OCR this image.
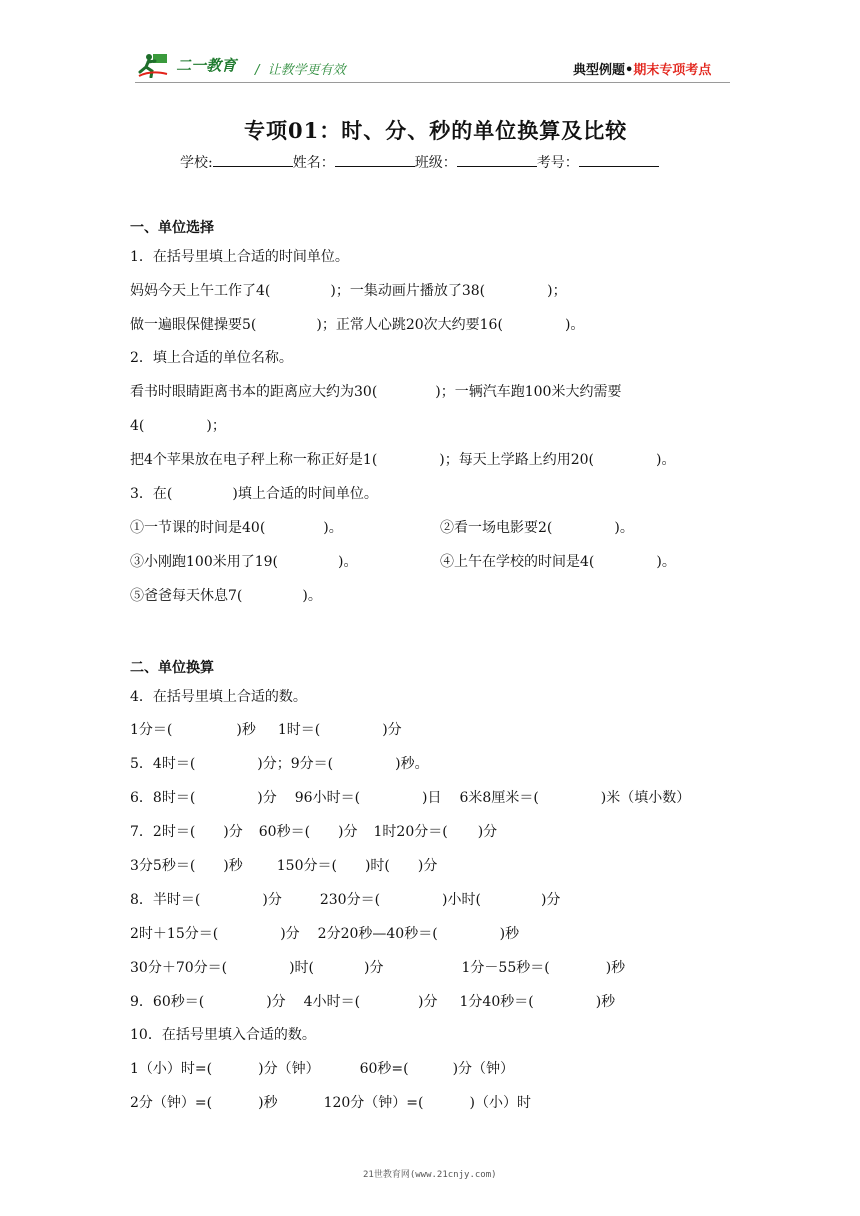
二一教育 / 让教学更有效	典型例题•期末专项考点
专项01：时、分、秒的单位换算及比较
学校:	姓名：	班级：	考号：
一、单位选择
1．在括号里填上合适的时间单位。
妈妈今天上午工作了4(	)；一集动画片播放了38(	)；
做一遍眼保健操要5(	)；正常人心跳20次大约要16(	)。
2．填上合适的单位名称。
看书时眼睛距离书本的距离应大约为30(	)；一辆汽车跑100米大约需要
4(	)；
把4个苹果放在电子秤上称一称正好是1(	)；每天上学路上约用20(	)。
3．在(	)填上合适的时间单位。
①一节课的时间是40(	)。	②看一场电影要2(	)。
③小刚跑100米用了19(	)。	④上午在学校的时间是4(	)。
⑤爸爸每天休息7(	)。
二、单位换算
4．在括号里填上合适的数。
1分＝(	)秒 1时＝(	)分
5．4时＝(	)分；9分＝(	)秒。
6．8时＝(	)分 96小时＝(	)日 6米8厘米＝(	)米（填小数）
7．2时＝( )分 60秒＝( )分 1时20分＝( )分
3分5秒＝( )秒 150分＝( )时( )分
8．半时＝(	)分	230分＝(	)小时(	)分
2时＋15分＝(	)分 2分20秒—40秒＝(	)秒
30分＋70分＝(	)时(	)分	1分－55秒＝(	)秒
9．60秒＝(	)分 4小时＝(	)分 1分40秒＝(	)秒
10．在括号里填入合适的数。
1（小）时=(	)分（钟）	60秒=(	)分（钟）
2分（钟）=(	)秒	120分（钟）=(	)（小）时
21世教育网(www.21cnjy.com)
